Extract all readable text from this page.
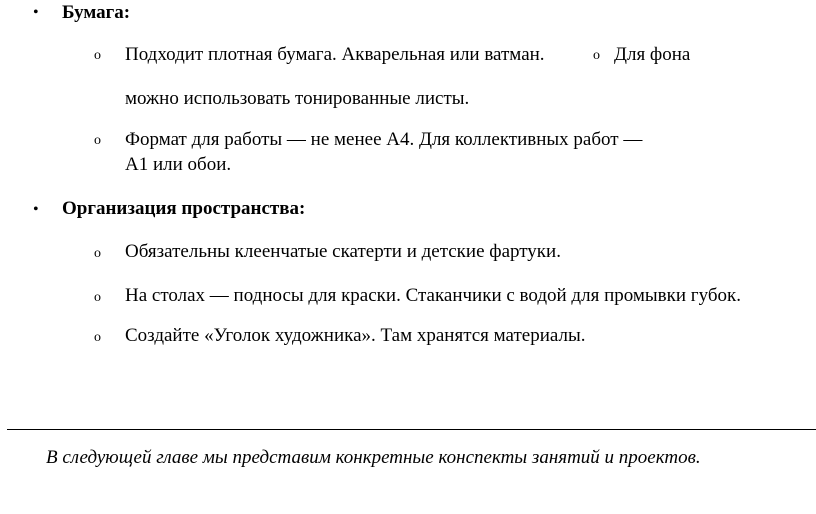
• Бумага:
o Подходит плотная бумага. Акварельная или ватман.	o Для фона
можно использовать тонированные листы.
o Формат для работы — не менее А4. Для коллективных работ —
А1 или обои.
• Организация пространства:
o Обязательны клеенчатые скатерти и детские фартуки.
o На столах — подносы для краски. Стаканчики с водой для промывки губок.
o Создайте «Уголок художника». Там хранятся материалы.
В следующей главе мы представим конкретные конспекты занятий и проектов.
